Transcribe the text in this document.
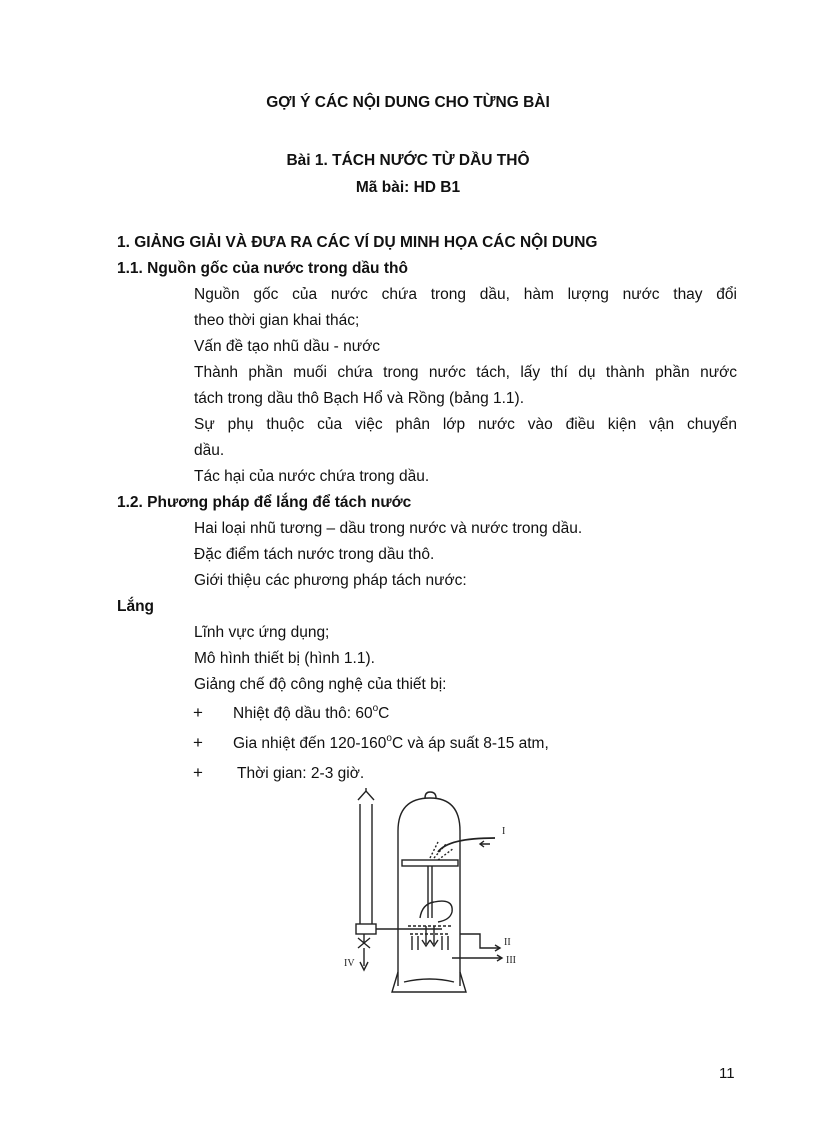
GỢI Ý CÁC NỘI DUNG CHO TỪNG BÀI
Bài 1. TÁCH NƯỚC TỪ DẦU THÔ
Mã bài: HD B1
1. GIẢNG GIẢI VÀ ĐƯA RA CÁC VÍ DỤ MINH HỌA CÁC NỘI DUNG
1.1. Nguồn gốc của nước trong dầu thô
Nguồn gốc của nước chứa trong dầu, hàm lượng nước thay đổi
theo thời gian khai thác;
Vấn đề tạo nhũ dầu - nước
Thành phần muối chứa trong nước tách, lấy thí dụ thành phần nước
tách trong dầu thô Bạch Hổ và Rồng (bảng 1.1).
Sự phụ thuộc của việc phân lớp nước vào điều kiện vận chuyển
dầu.
Tác hại của nước chứa trong dầu.
1.2. Phương pháp để lắng để tách nước
Hai loại nhũ tương – dầu trong nước và nước trong dầu.
Đặc điểm tách nước trong dầu thô.
Giới thiệu các phương pháp tách nước:
Lắng
Lĩnh vực ứng dụng;
Mô hình thiết bị (hình 1.1).
Giảng chế độ công nghệ của thiết bị:
+ Nhiệt độ dầu thô: $60^oC$
+ Gia nhiệt đến 120-160$^o$C và áp suất 8-15 atm,
+ Thời gian: 2-3 giờ.
I
II
III
IV
11
